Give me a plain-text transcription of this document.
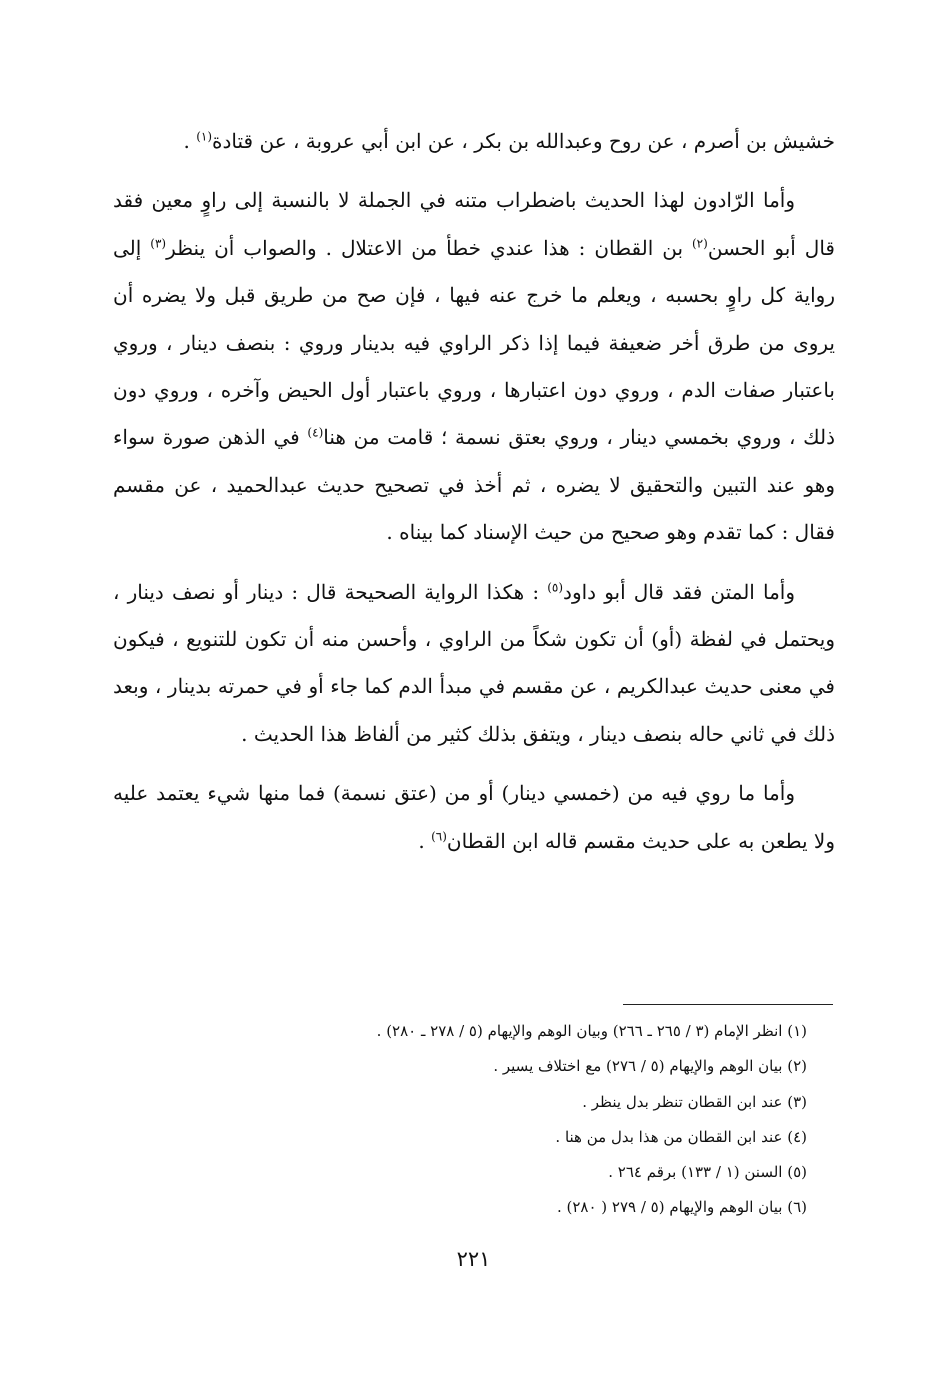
خشيش بن أصرم ، عن روح وعبدالله بن بكر ، عن ابن أبي عروبة ، عن قتادة$^{(١)}$ .

وأما الرّادون لهذا الحديث باضطراب متنه في الجملة لا بالنسبة إلى راوٍ معين فقد قال أبو الحسن$^{(٢)}$ بن القطان : هذا عندي خطأ من الاعتلال . والصواب أن ينظر$^{(٣)}$ إلى رواية كل راوٍ بحسبه ، ويعلم ما خرج عنه فيها ، فإن صح من طريق قبل ولا يضره أن يروى من طرق أخر ضعيفة فيما إذا ذكر الراوي فيه بدينار وروي : بنصف دينار ، وروي باعتبار صفات الدم ، وروي دون اعتبارها ، وروي باعتبار أول الحيض وآخره ، وروي دون ذلك ، وروي بخمسي دينار ، وروي بعتق نسمة ؛ قامت من هنا$^{(٤)}$ في الذهن صورة سواء وهو عند التبين والتحقيق لا يضره ، ثم أخذ في تصحيح حديث عبدالحميد ، عن مقسم فقال : كما تقدم وهو صحيح من حيث الإسناد كما بيناه .

وأما المتن فقد قال أبو داود$^{(٥)}$ : هكذا الرواية الصحيحة قال : دينار أو نصف دينار ، ويحتمل في لفظة (أو) أن تكون شكاً من الراوي ، وأحسن منه أن تكون للتنويع ، فيكون في معنى حديث عبدالكريم ، عن مقسم في مبدأ الدم كما جاء أو في حمرته بدينار ، وبعد ذلك في ثاني حاله بنصف دينار ، ويتفق بذلك كثير من ألفاظ هذا الحديث .

وأما ما روي فيه من (خمسي دينار) أو من (عتق نسمة) فما منها شيء يعتمد عليه ولا يطعن به على حديث مقسم قاله ابن القطان$^{(٦)}$ .

(١) انظر الإمام (٣ / ٢٦٥ ـ ٢٦٦) وبيان الوهم والإيهام (٥ / ٢٧٨ ـ ٢٨٠) .

(٢) بيان الوهم والإيهام (٥ / ٢٧٦) مع اختلاف يسير .

(٣) عند ابن القطان تنظر بدل ينظر .

(٤) عند ابن القطان من هذا بدل من هنا .

(٥) السنن (١ / ١٣٣) برقم ٢٦٤ .

(٦) بيان الوهم والإيهام (٥ / ٢٧٩ ( ٢٨٠) .

٢٢١
